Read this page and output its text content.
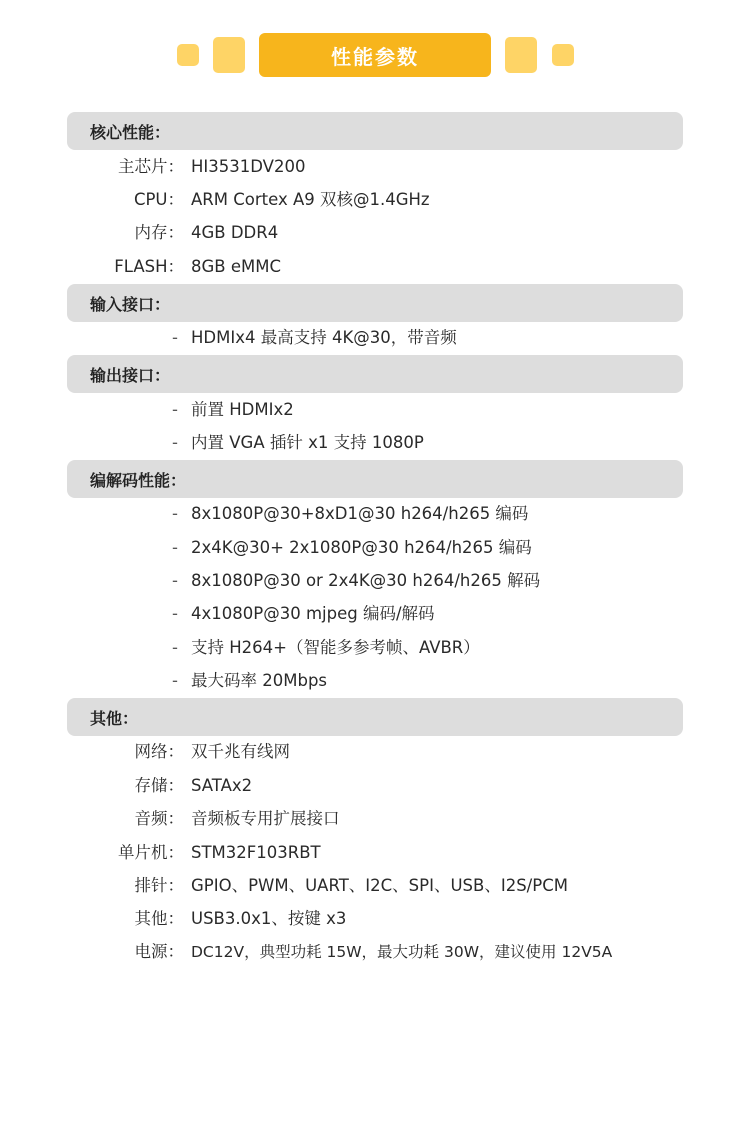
性能参数
核心性能：
主芯片： HI3531DV200
CPU： ARM Cortex A9 双核@1.4GHz
内存： 4GB DDR4
FLASH： 8GB eMMC
输入接口：
- HDMIx4 最高支持 4K@30，带音频
输出接口：
- 前置 HDMIx2
- 内置 VGA 插针 x1 支持 1080P
编解码性能：
- 8x1080P@30+8xD1@30 h264/h265 编码
- 2x4K@30+ 2x1080P@30 h264/h265 编码
- 8x1080P@30 or 2x4K@30 h264/h265 解码
- 4x1080P@30 mjpeg 编码/解码
- 支持 H264+（智能多参考帧、AVBR）
- 最大码率 20Mbps
其他：
网络： 双千兆有线网
存储： SATAx2
音频： 音频板专用扩展接口
单片机： STM32F103RBT
排针： GPIO、PWM、UART、I2C、SPI、USB、I2S/PCM
其他： USB3.0x1、按键 x3
电源： DC12V，典型功耗 15W，最大功耗 30W，建议使用 12V5A
